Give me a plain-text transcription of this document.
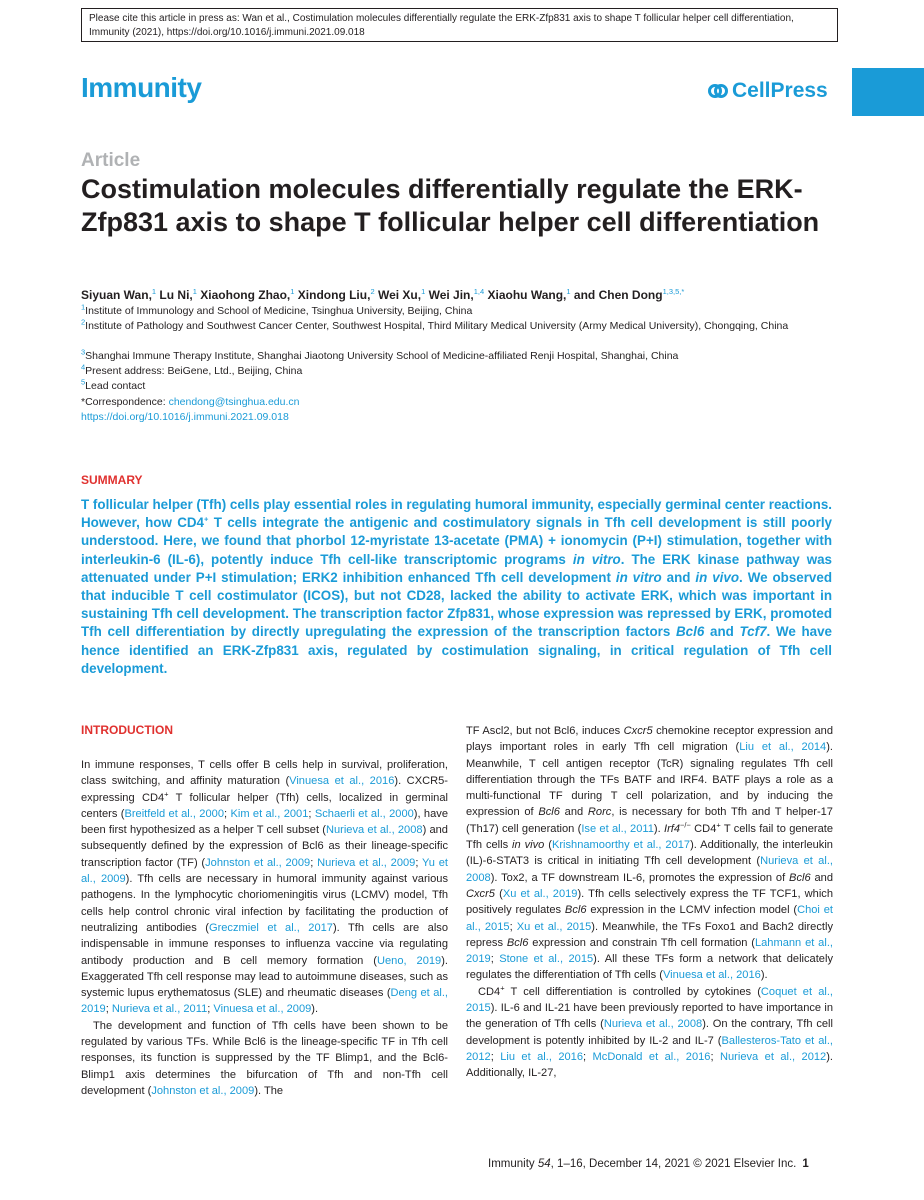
Please cite this article in press as: Wan et al., Costimulation molecules differentially regulate the ERK-Zfp831 axis to shape T follicular helper cell differentiation, Immunity (2021), https://doi.org/10.1016/j.immuni.2021.09.018
Immunity	CellPress
Article
Costimulation molecules differentially regulate the ERK-Zfp831 axis to shape T follicular helper cell differentiation
Siyuan Wan,$^1$ Lu Ni,$^1$ Xiaohong Zhao,$^1$ Xindong Liu,$^2$ Wei Xu,$^1$ Wei Jin,$^{1,4}$ Xiaohu Wang,$^1$ and Chen Dong$^{1,3,5,*}$
$^1$Institute of Immunology and School of Medicine, Tsinghua University, Beijing, China
$^2$Institute of Pathology and Southwest Cancer Center, Southwest Hospital, Third Military Medical University (Army Medical University), Chongqing, China
$^3$Shanghai Immune Therapy Institute, Shanghai Jiaotong University School of Medicine-affiliated Renji Hospital, Shanghai, China
$^4$Present address: BeiGene, Ltd., Beijing, China
$^5$Lead contact
*Correspondence: chendong@tsinghua.edu.cn
https://doi.org/10.1016/j.immuni.2021.09.018
SUMMARY

T follicular helper (Tfh) cells play essential roles in regulating humoral immunity, especially germinal center reactions. However, how CD4+ T cells integrate the antigenic and costimulatory signals in Tfh cell development is still poorly understood. Here, we found that phorbol 12-myristate 13-acetate (PMA) + ionomycin (P+I) stimulation, together with interleukin-6 (IL-6), potently induce Tfh cell-like transcriptomic programs in vitro. The ERK kinase pathway was attenuated under P+I stimulation; ERK2 inhibition enhanced Tfh cell development in vitro and in vivo. We observed that inducible T cell costimulator (ICOS), but not CD28, lacked the ability to activate ERK, which was important in sustaining Tfh cell development. The transcription factor Zfp831, whose expression was repressed by ERK, promoted Tfh cell differentiation by directly upregulating the expression of the transcription factors Bcl6 and Tcf7. We have hence identified an ERK-Zfp831 axis, regulated by costimulation signaling, in critical regulation of Tfh cell development.

INTRODUCTION

In immune responses, T cells offer B cells help in survival, proliferation, class switching, and affinity maturation (Vinuesa et al., 2016). CXCR5-expressing CD4+ T follicular helper (Tfh) cells, localized in germinal centers (Breitfeld et al., 2000; Kim et al., 2001; Schaerli et al., 2000), have been first hypothesized as a helper T cell subset (Nurieva et al., 2008) and subsequently defined by the expression of Bcl6 as their lineage-specific transcription factor (TF) (Johnston et al., 2009; Nurieva et al., 2009; Yu et al., 2009). Tfh cells are necessary in humoral immunity against various pathogens. In the lymphocytic choriomeningitis virus (LCMV) model, Tfh cells help control chronic viral infection by facilitating the production of neutralizing antibodies (Greczmiel et al., 2017). Tfh cells are also indispensable in immune responses to influenza vaccine via regulating antibody production and B cell memory formation (Ueno, 2019). Exaggerated Tfh cell response may lead to autoimmune diseases, such as systemic lupus erythematosus (SLE) and rheumatic diseases (Deng et al., 2019; Nurieva et al., 2011; Vinuesa et al., 2009).

The development and function of Tfh cells have been shown to be regulated by various TFs. While Bcl6 is the lineage-specific TF in Tfh cell responses, its function is suppressed by the TF Blimp1, and the Bcl6-Blimp1 axis determines the bifurcation of Tfh and non-Tfh cell development (Johnston et al., 2009). The

TF Ascl2, but not Bcl6, induces Cxcr5 chemokine receptor expression and plays important roles in early Tfh cell migration (Liu et al., 2014). Meanwhile, T cell antigen receptor (TcR) signaling regulates Tfh cell differentiation through the TFs BATF and IRF4. BATF plays a role as a multi-functional TF during T cell polarization, and by inducing the expression of Bcl6 and Rorc, is necessary for both Tfh and T helper-17 (Th17) cell generation (Ise et al., 2011). Irf4−/− CD4+ T cells fail to generate Tfh cells in vivo (Krishnamoorthy et al., 2017). Additionally, the interleukin (IL)-6-STAT3 is critical in initiating Tfh cell development (Nurieva et al., 2008). Tox2, a TF downstream IL-6, promotes the expression of Bcl6 and Cxcr5 (Xu et al., 2019). Tfh cells selectively express the TF TCF1, which positively regulates Bcl6 expression in the LCMV infection model (Choi et al., 2015; Xu et al., 2015). Meanwhile, the TFs Foxo1 and Bach2 directly repress Bcl6 expression and constrain Tfh cell formation (Lahmann et al., 2019; Stone et al., 2015). All these TFs form a network that delicately regulates the differentiation of Tfh cells (Vinuesa et al., 2016).

CD4+ T cell differentiation is controlled by cytokines (Coquet et al., 2015). IL-6 and IL-21 have been previously reported to have importance in the generation of Tfh cells (Nurieva et al., 2008). On the contrary, Tfh cell development is potently inhibited by IL-2 and IL-7 (Ballesteros-Tato et al., 2012; Liu et al., 2016; McDonald et al., 2016; Nurieva et al., 2012). Additionally, IL-27,

Immunity 54, 1–16, December 14, 2021 © 2021 Elsevier Inc. 1
